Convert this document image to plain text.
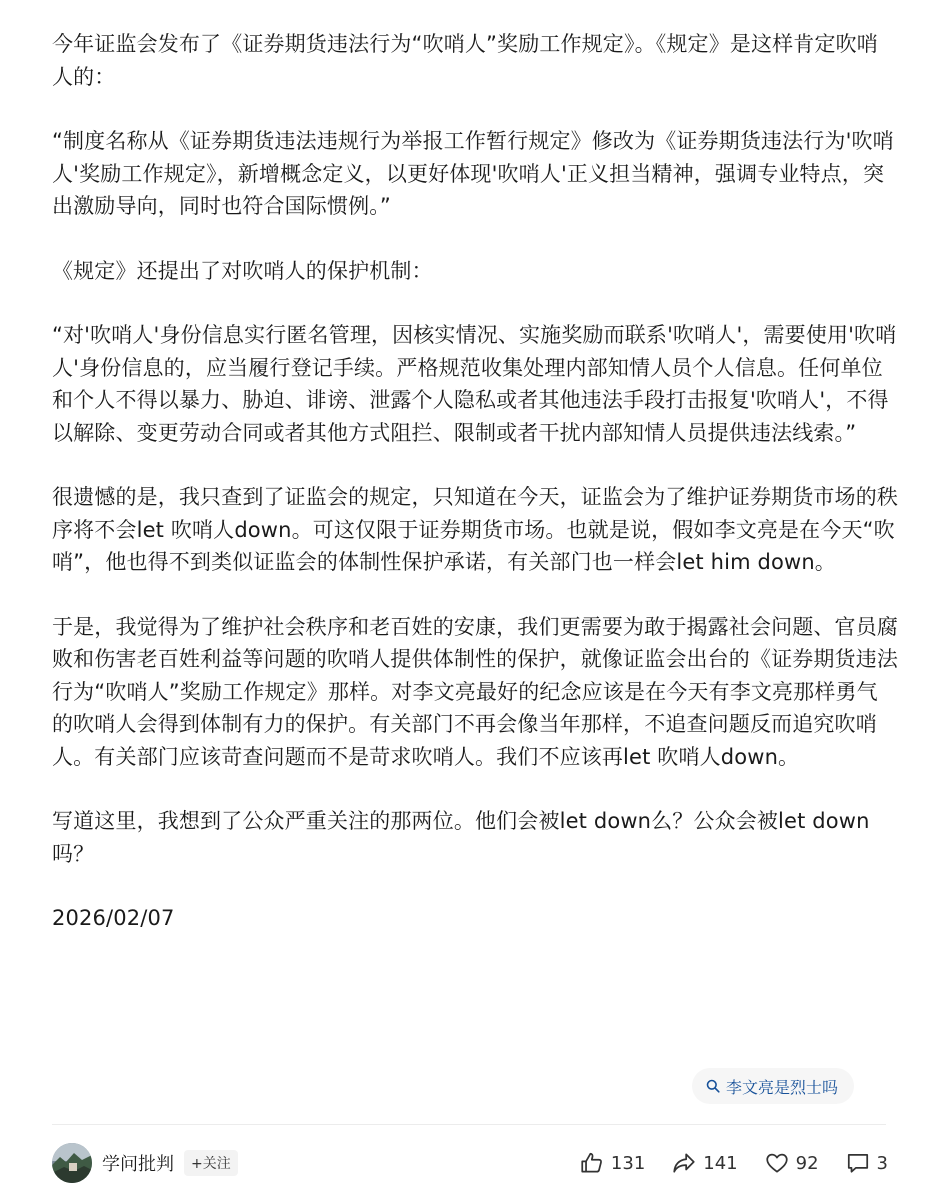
今年证监会发布了《证券期货违法行为“吹哨人”奖励工作规定》。《规定》是这样肯定吹哨人的：

“制度名称从《证券期货违法违规行为举报工作暂行规定》修改为《证券期货违法行为'吹哨人'奖励工作规定》，新增概念定义，以更好体现'吹哨人'正义担当精神，强调专业特点，突出激励导向，同时也符合国际惯例。”

《规定》还提出了对吹哨人的保护机制：

“对'吹哨人'身份信息实行匿名管理，因核实情况、实施奖励而联系'吹哨人'，需要使用'吹哨人'身份信息的，应当履行登记手续。严格规范收集处理内部知情人员个人信息。任何单位和个人不得以暴力、胁迫、诽谤、泄露个人隐私或者其他违法手段打击报复'吹哨人'，不得以解除、变更劳动合同或者其他方式阻拦、限制或者干扰内部知情人员提供违法线索。”

很遗憾的是，我只查到了证监会的规定，只知道在今天，证监会为了维护证券期货市场的秩序将不会let 吹哨人down。可这仅限于证券期货市场。也就是说，假如李文亮是在今天“吹哨”，他也得不到类似证监会的体制性保护承诺，有关部门也一样会let him down。

于是，我觉得为了维护社会秩序和老百姓的安康，我们更需要为敢于揭露社会问题、官员腐败和伤害老百姓利益等问题的吹哨人提供体制性的保护，就像证监会出台的《证券期货违法行为“吹哨人”奖励工作规定》那样。对李文亮最好的纪念应该是在今天有李文亮那样勇气的吹哨人会得到体制有力的保护。有关部门不再会像当年那样，不追查问题反而追究吹哨人。有关部门应该苛查问题而不是苛求吹哨人。我们不应该再let 吹哨人down。

写道这里，我想到了公众严重关注的那两位。他们会被let down么？公众会被let down吗？

2026/02/07

李文亮是烈士吗
学问批判	+关注	131	141	92	3
